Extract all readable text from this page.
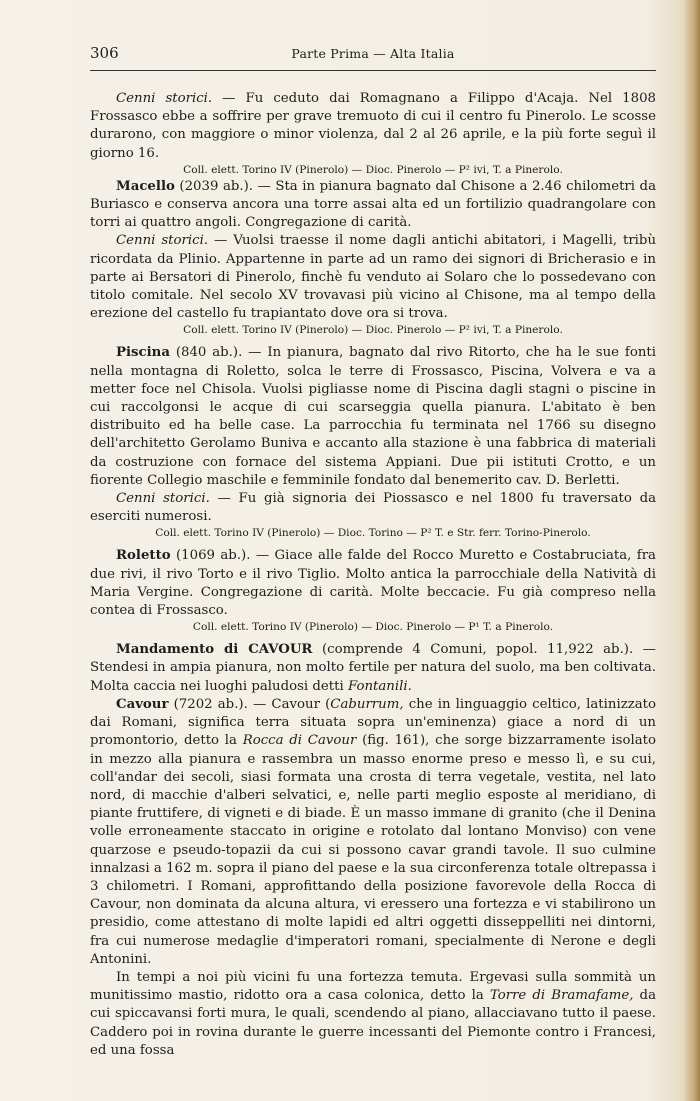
306	Parte Prima — Alta Italia

Cenni storici. — Fu ceduto dai Romagnano a Filippo d'Acaja. Nel 1808 Frossasco ebbe a soffrire per grave tremuoto di cui il centro fu Pinerolo. Le scosse durarono, con maggiore o minor violenza, dal 2 al 26 aprile, e la più forte seguì il giorno 16.

Coll. elett. Torino IV (Pinerolo) — Dioc. Pinerolo — P² ivi, T. a Pinerolo.

Macello (2039 ab.). — Sta in pianura bagnato dal Chisone a 2.46 chilometri da Buriasco e conserva ancora una torre assai alta ed un fortilizio quadrangolare con torri ai quattro angoli. Congregazione di carità.

Cenni storici. — Vuolsi traesse il nome dagli antichi abitatori, i Magelli, tribù ricordata da Plinio. Appartenne in parte ad un ramo dei signori di Bricherasio e in parte ai Bersatori di Pinerolo, finchè fu venduto ai Solaro che lo possedevano con titolo comitale. Nel secolo XV trovavasi più vicino al Chisone, ma al tempo della erezione del castello fu trapiantato dove ora si trova.

Coll. elett. Torino IV (Pinerolo) — Dioc. Pinerolo — P² ivi, T. a Pinerolo.

Piscina (840 ab.). — In pianura, bagnato dal rivo Ritorto, che ha le sue fonti nella montagna di Roletto, solca le terre di Frossasco, Piscina, Volvera e va a metter foce nel Chisola. Vuolsi pigliasse nome di Piscina dagli stagni o piscine in cui raccolgonsi le acque di cui scarseggia quella pianura. L'abitato è ben distribuito ed ha belle case. La parrocchia fu terminata nel 1766 su disegno dell'architetto Gerolamo Buniva e accanto alla stazione è una fabbrica di materiali da costruzione con fornace del sistema Appiani. Due pii istituti Crotto, e un fiorente Collegio maschile e femminile fondato dal benemerito cav. D. Berletti.

Cenni storici. — Fu già signoria dei Piossasco e nel 1800 fu traversato da eserciti numerosi.

Coll. elett. Torino IV (Pinerolo) — Dioc. Torino — P² T. e Str. ferr. Torino-Pinerolo.

Roletto (1069 ab.). — Giace alle falde del Rocco Muretto e Costabruciata, fra due rivi, il rivo Torto e il rivo Tiglio. Molto antica la parrocchiale della Natività di Maria Vergine. Congregazione di carità. Molte beccacie. Fu già compreso nella contea di Frossasco.

Coll. elett. Torino IV (Pinerolo) — Dioc. Pinerolo — P¹ T. a Pinerolo.

Mandamento di CAVOUR (comprende 4 Comuni, popol. 11,922 ab.). — Stendesi in ampia pianura, non molto fertile per natura del suolo, ma ben coltivata. Molta caccia nei luoghi paludosi detti Fontanili.

Cavour (7202 ab.). — Cavour (Caburrum, che in linguaggio celtico, latinizzato dai Romani, significa terra situata sopra un'eminenza) giace a nord di un promontorio, detto la Rocca di Cavour (fig. 161), che sorge bizzarramente isolato in mezzo alla pianura e rassembra un masso enorme preso e messo lì, e su cui, coll'andar dei secoli, siasi formata una crosta di terra vegetale, vestita, nel lato nord, di macchie d'alberi selvatici, e, nelle parti meglio esposte al meridiano, di piante fruttifere, di vigneti e di biade. È un masso immane di granito (che il Denina volle erroneamente staccato in origine e rotolato dal lontano Monviso) con vene quarzose e pseudo-topazii da cui si possono cavar grandi tavole. Il suo culmine innalzasi a 162 m. sopra il piano del paese e la sua circonferenza totale oltrepassa i 3 chilometri. I Romani, approfittando della posizione favorevole della Rocca di Cavour, non dominata da alcuna altura, vi eressero una fortezza e vi stabilirono un presidio, come attestano di molte lapidi ed altri oggetti disseppelliti nei dintorni, fra cui numerose medaglie d'imperatori romani, specialmente di Nerone e degli Antonini.

In tempi a noi più vicini fu una fortezza temuta. Ergevasi sulla sommità un munitissimo mastio, ridotto ora a casa colonica, detto la Torre di Bramafame, da cui spiccavansi forti mura, le quali, scendendo al piano, allacciavano tutto il paese. Caddero poi in rovina durante le guerre incessanti del Piemonte contro i Francesi, ed una fossa
